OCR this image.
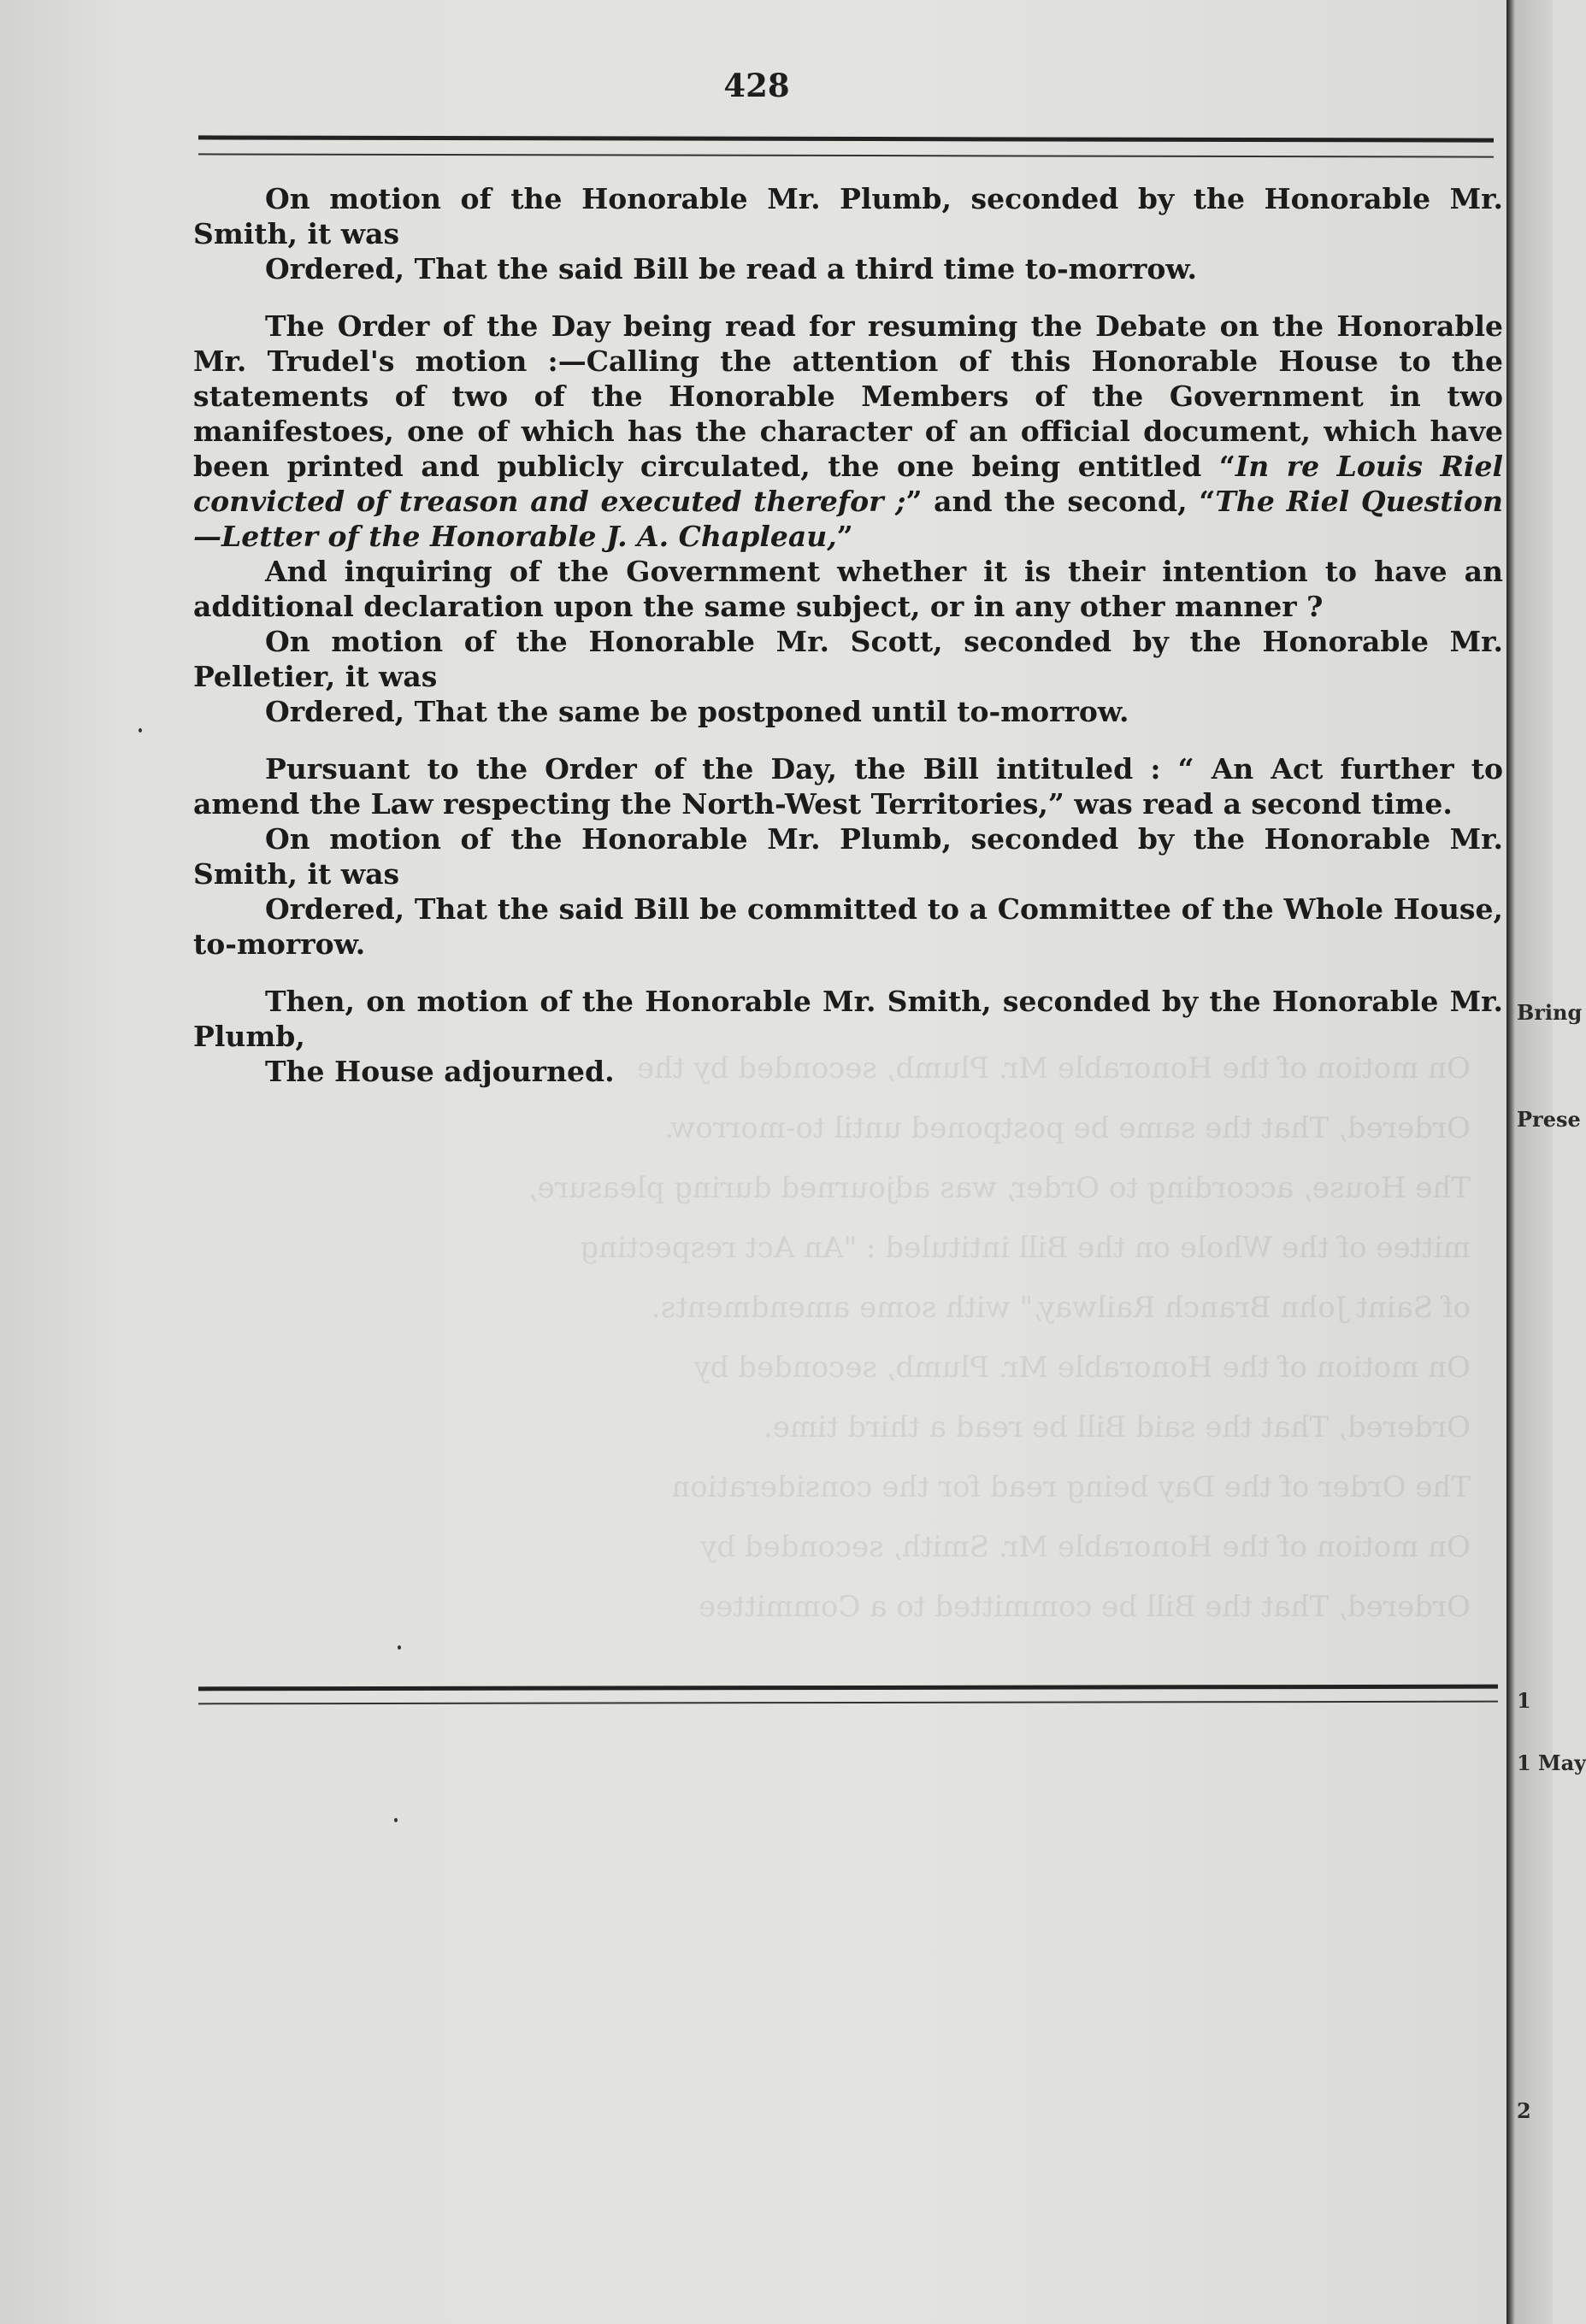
On motion of the Honorable Mr. Plumb, seconded by the
Ordered, That the same be postponed until to-morrow.
The House, according to Order, was adjourned during pleasure,
mittee of the Whole on the Bill intituled : "An Act respecting
of Saint John Branch Railway," with some amendments.
On motion of the Honorable Mr. Plumb, seconded by
Ordered, That the said Bill be read a third time.
The Order of the Day being read for the consideration
On motion of the Honorable Mr. Smith, seconded by
Ordered, That the Bill be committed to a Committee
428

On motion of the Honorable Mr. Plumb, seconded by the Honorable Mr. Smith, it was

Ordered, That the said Bill be read a third time to-morrow.

The Order of the Day being read for resuming the Debate on the Honorable Mr. Trudel's motion :—Calling the attention of this Honorable House to the statements of two of the Honorable Members of the Government in two manifestoes, one of which has the character of an official document, which have been printed and publicly circulated, the one being entitled “In re Louis Riel convicted of treason and executed therefor ;” and the second, “The Riel Question—Letter of the Honorable J. A. Chapleau,”

And inquiring of the Government whether it is their intention to have an additional declaration upon the same subject, or in any other manner ?

On motion of the Honorable Mr. Scott, seconded by the Honorable Mr. Pelletier, it was

Ordered, That the same be postponed until to-morrow.

Pursuant to the Order of the Day, the Bill intituled : “ An Act further to amend the Law respecting the North-West Territories,” was read a second time.

On motion of the Honorable Mr. Plumb, seconded by the Honorable Mr. Smith, it was

Ordered, That the said Bill be committed to a Committee of the Whole House, to-morrow.

Then, on motion of the Honorable Mr. Smith, seconded by the Honorable Mr. Plumb,

The House adjourned.

Bring
Prese
1
1 May
2
